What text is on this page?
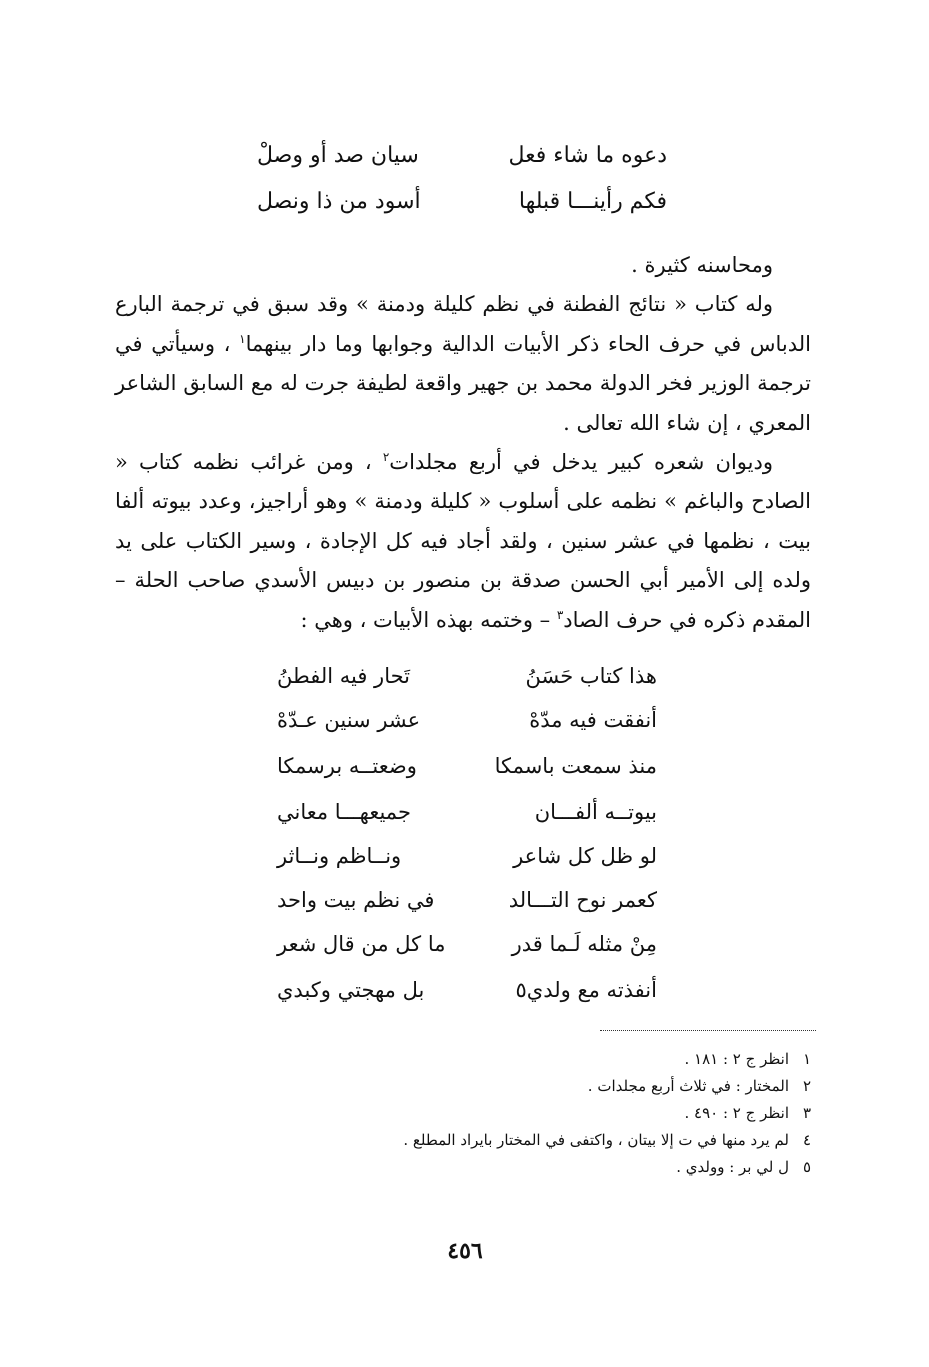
دعوه ما شاء فعل
سيان صد أو وصلْ
فكم رأينـــا قبلها
أسود من ذا ونصل

ومحاسنه كثيرة .

وله كتاب « نتائج الفطنة في نظم كليلة ودمنة » وقد سبق في ترجمة البارع الدباس في حرف الحاء ذكر الأبيات الدالية وجوابها وما دار بينهما$^١$ ، وسيأتي في ترجمة الوزير فخر الدولة محمد بن جهير واقعة لطيفة جرت له مع السابق الشاعر المعري ، إن شاء الله تعالى .

وديوان شعره كبير يدخل في أربع مجلدات$^٢$ ، ومن غرائب نظمه كتاب « الصادح والباغم » نظمه على أسلوب « كليلة ودمنة » وهو أراجيز، وعدد بيوته ألفا بيت ، نظمها في عشر سنين ، ولقد أجاد فيه كل الإجادة ، وسير الكتاب على يد ولده إلى الأمير أبي الحسن صدقة بن منصور بن دبيس الأسدي صاحب الحلة – المقدم ذكره في حرف الصاد$^٣$ – وختمه بهذه الأبيات ، وهي :

هذا كتاب حَسَنُ
تَحار فيه الفطنُ
أنفقت فيه مدّهْ
عشر سنين عـدّهْ
منذ سمعت باسمكا
وضعتــه برسمكا
بيوتــه ألفـــان
جميعهـــا معاني
لو ظل كل شاعر
ونــاظم ونــاثر
كعمر نوح التـــالد
في نظم بيت واحد
مِنْ مثله لَـما قدر
ما كل من قال شعر
أنفذته مع ولدي٥
بل مهجتي وكبدي
١انظر ج ٢ : ١٨١ .
٢المختار : في ثلاث أربع مجلدات .
٣انظر ج ٢ : ٤٩٠ .
٤لم يرد منها في ت إلا بيتان ، واكتفى في المختار بايراد المطلع .
٥ل لي بر : وولدي .
٤٥٦
